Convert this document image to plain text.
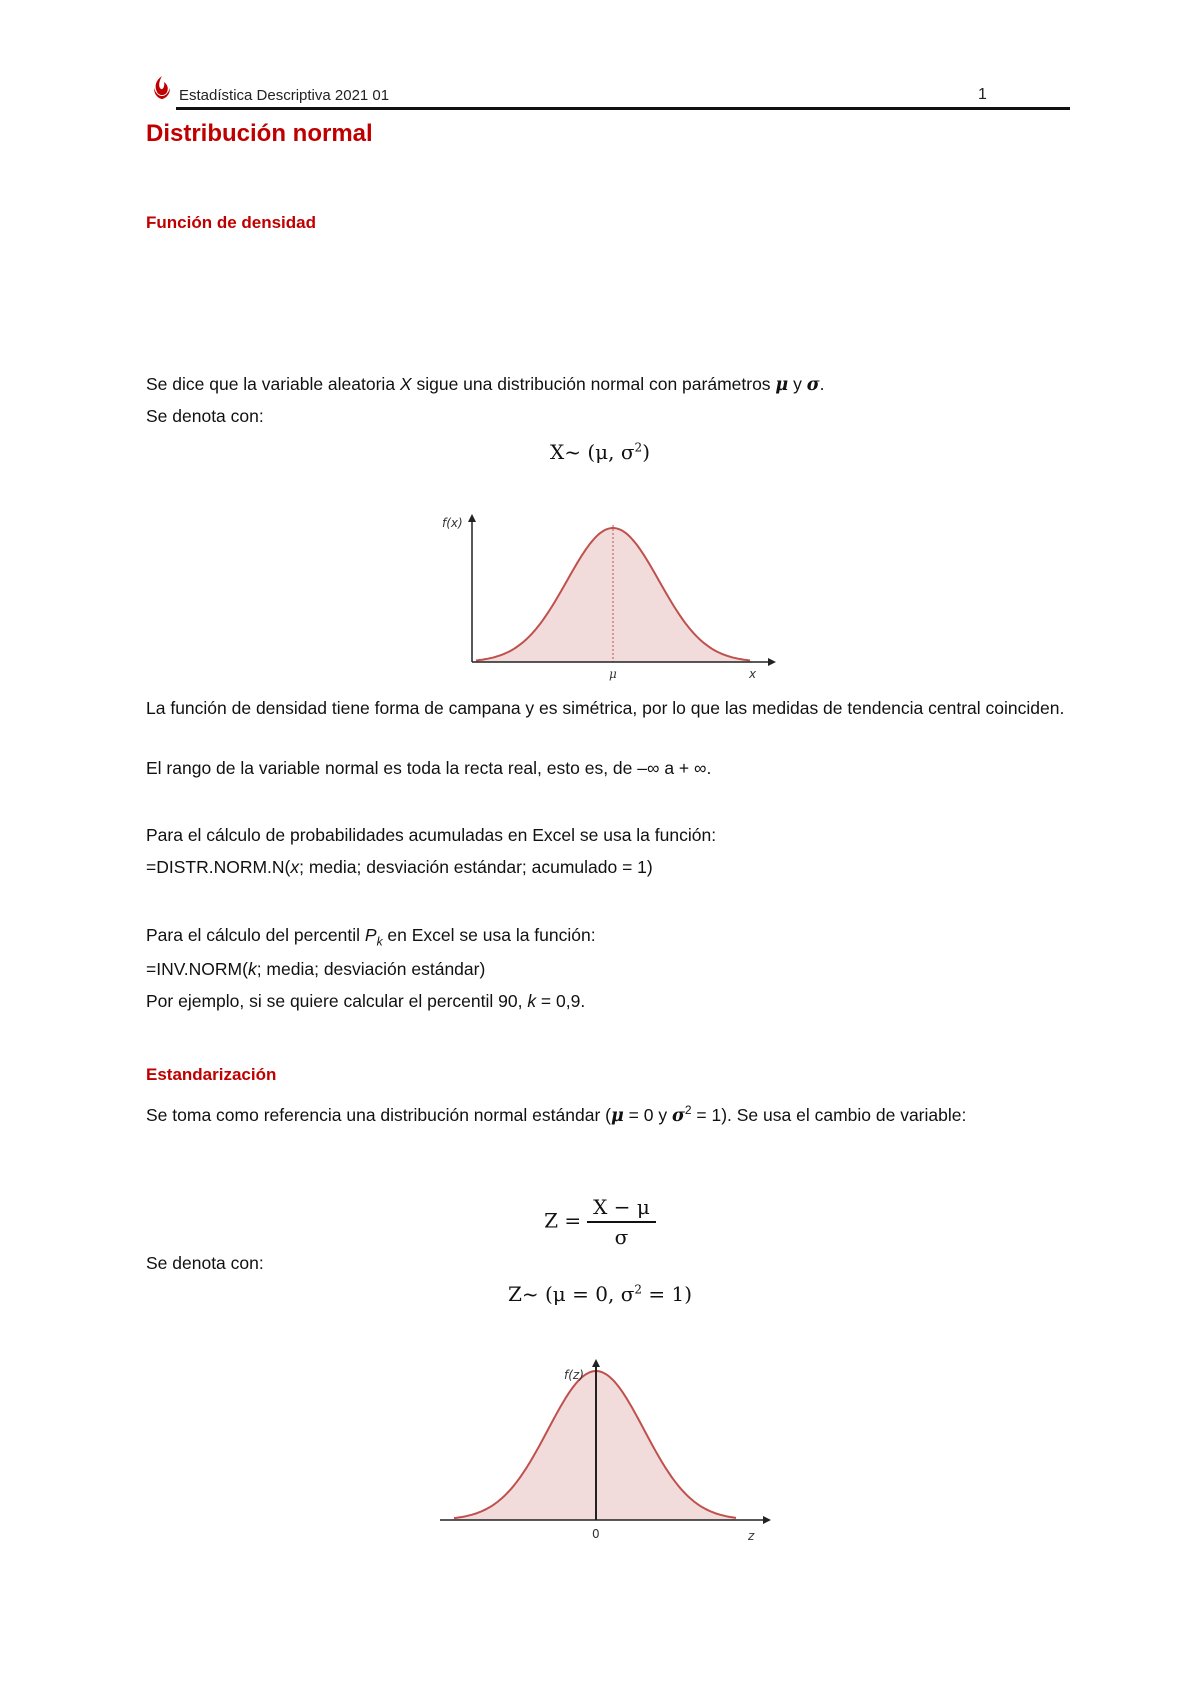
Estadística Descriptiva 2021 01	1
Distribución normal
Función de densidad
Se dice que la variable aleatoria X sigue una distribución normal con parámetros μ y σ.
Se denota con:
X~ (μ, $\sigma^2$)
f(x)
x
μ
La función de densidad tiene forma de campana y es simétrica, por lo que las medidas de tendencia central coinciden.
El rango de la variable normal es toda la recta real, esto es, de –∞ a + ∞.
Para el cálculo de probabilidades acumuladas en Excel se usa la función:
=DISTR.NORM.N(x; media; desviación estándar; acumulado = 1)
Para el cálculo del percentil $P_k$ en Excel se usa la función:
=INV.NORM(k; media; desviación estándar)
Por ejemplo, si se quiere calcular el percentil 90, k = 0,9.
Estandarización
Se toma como referencia una distribución normal estándar (μ = 0 y $\sigma^2 = 1$). Se usa el cambio de variable:
$Z = \frac{X - \mu}{\sigma}$
Se denota con:
Z~ (μ = 0, $\sigma^2 = 1$)
f(z)
z
0
